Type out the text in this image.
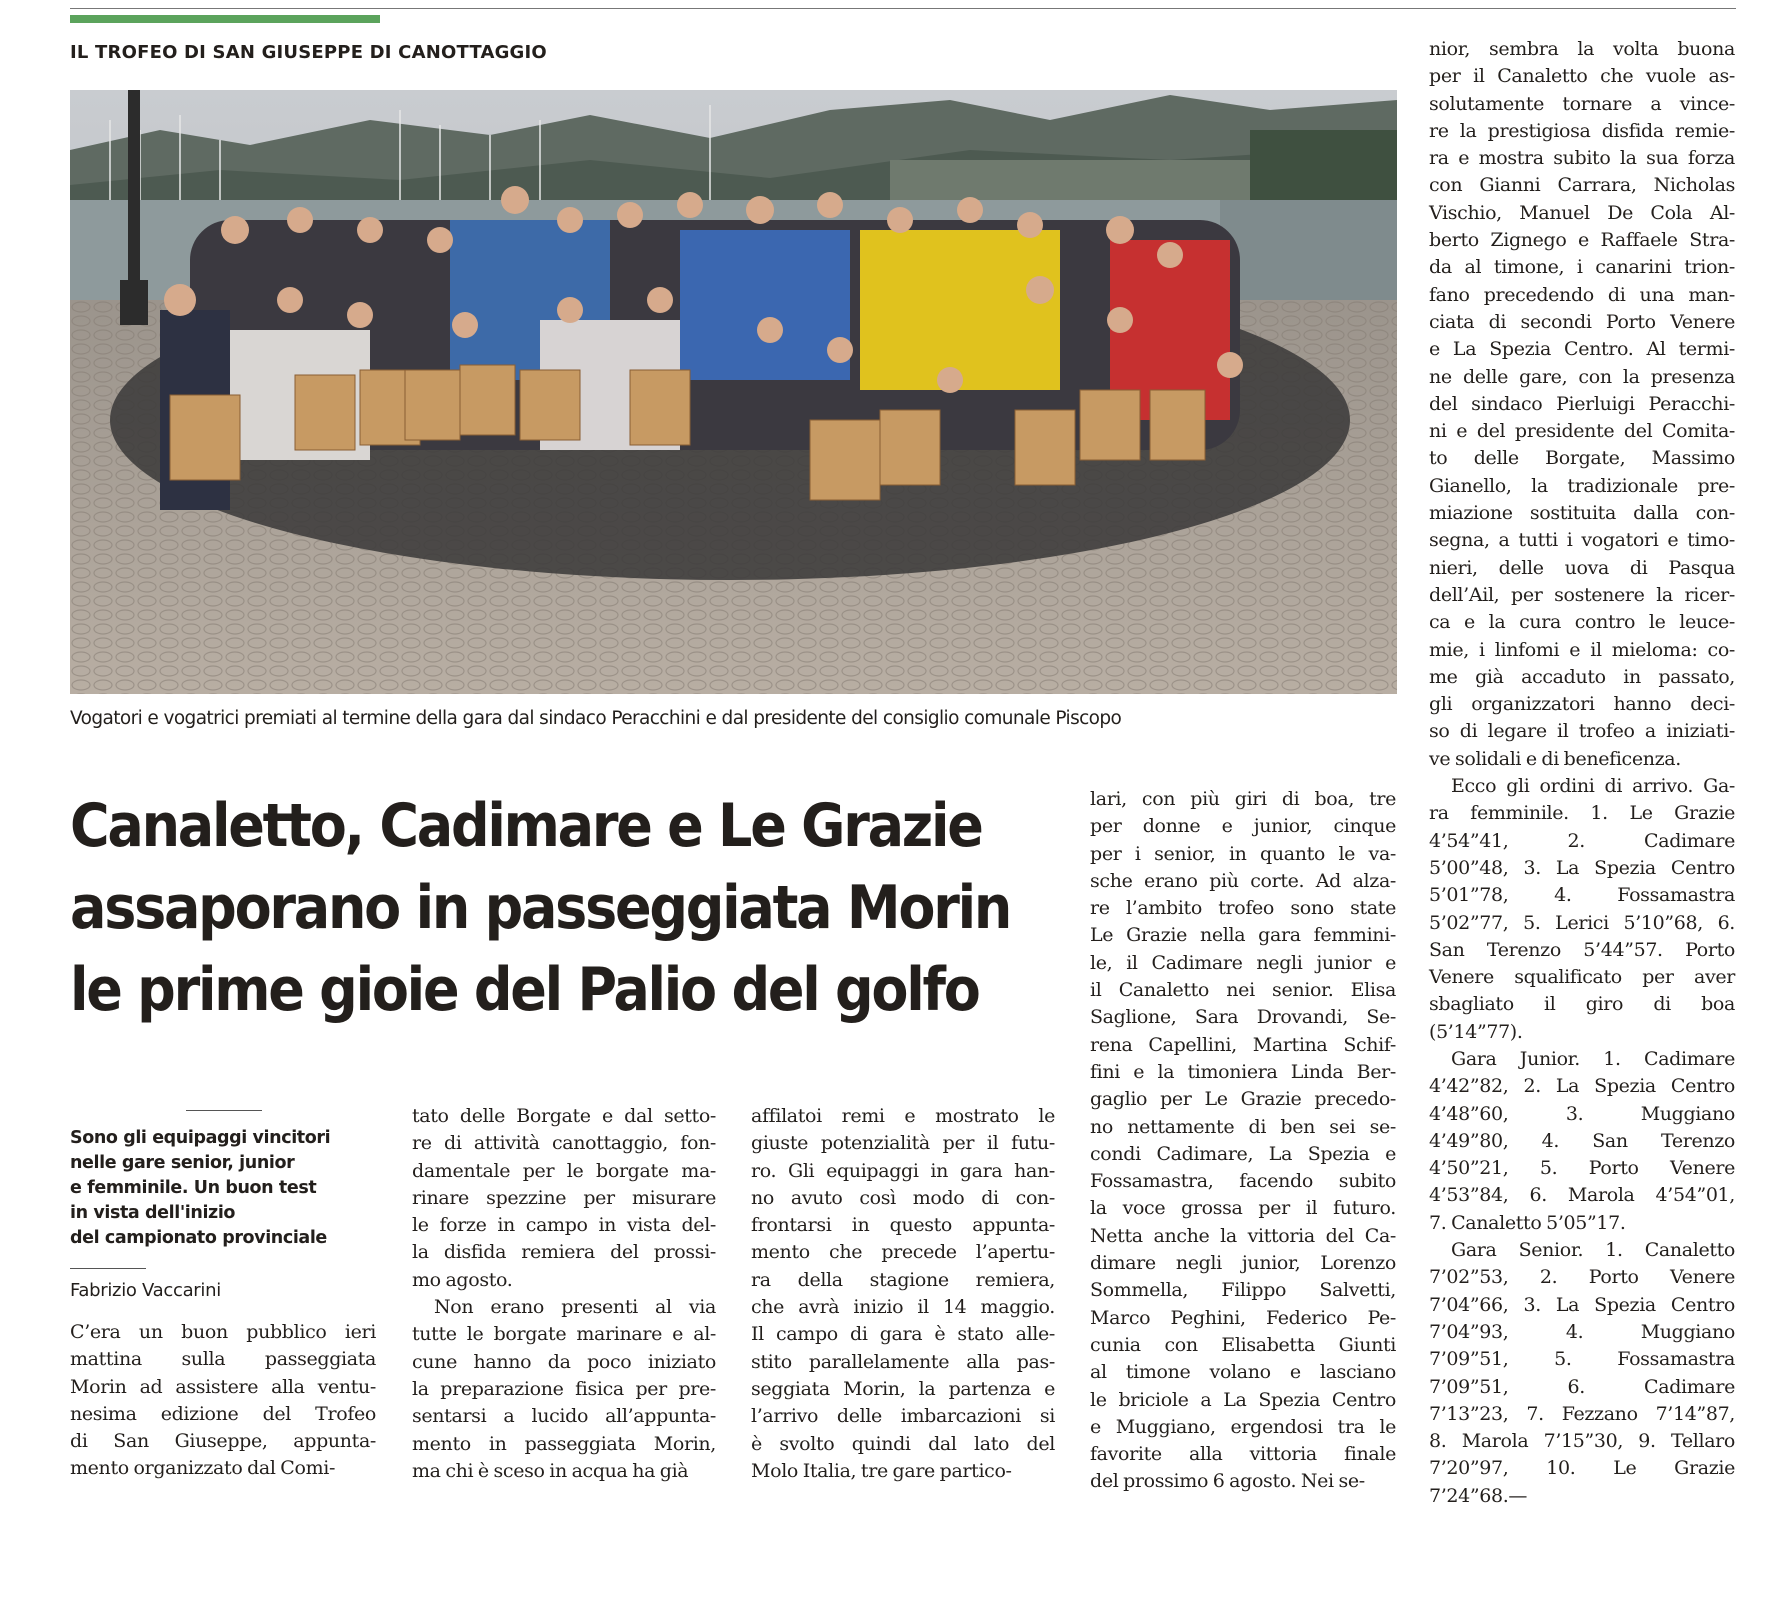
IL TROFEO DI SAN GIUSEPPE DI CANOTTAGGIO
Vogatori e vogatrici premiati al termine della gara dal sindaco Peracchini e dal presidente del consiglio comunale Piscopo
Canaletto, Cadimare e Le Grazie
assaporano in passeggiata Morin
le prime gioie del Palio del golfo
Sono gli equipaggi vincitori
nelle gare senior, junior
e femminile. Un buon test
in vista dell'inizio
del campionato provinciale
Fabrizio Vaccarini
C’era un buon pubblico ieri
mattina sulla passeggiata
Morin ad assistere alla ventu-
nesima edizione del Trofeo
di San Giuseppe, appunta-
mento organizzato dal Comi-
tato delle Borgate e dal setto-
re di attività canottaggio, fon-
damentale per le borgate ma-
rinare spezzine per misurare
le forze in campo in vista del-
la disfida remiera del prossi-
mo agosto.
Non erano presenti al via
tutte le borgate marinare e al-
cune hanno da poco iniziato
la preparazione fisica per pre-
sentarsi a lucido all’appunta-
mento in passeggiata Morin,
ma chi è sceso in acqua ha già
affilatoi remi e mostrato le
giuste potenzialità per il futu-
ro. Gli equipaggi in gara han-
no avuto così modo di con-
frontarsi in questo appunta-
mento che precede l’apertu-
ra della stagione remiera,
che avrà inizio il 14 maggio.
Il campo di gara è stato alle-
stito parallelamente alla pas-
seggiata Morin, la partenza e
l’arrivo delle imbarcazioni si
è svolto quindi dal lato del
Molo Italia, tre gare partico-
lari, con più giri di boa, tre
per donne e junior, cinque
per i senior, in quanto le va-
sche erano più corte. Ad alza-
re l’ambito trofeo sono state
Le Grazie nella gara femmini-
le, il Cadimare negli junior e
il Canaletto nei senior. Elisa
Saglione, Sara Drovandi, Se-
rena Capellini, Martina Schif-
fini e la timoniera Linda Ber-
gaglio per Le Grazie precedo-
no nettamente di ben sei se-
condi Cadimare, La Spezia e
Fossamastra, facendo subito
la voce grossa per il futuro.
Netta anche la vittoria del Ca-
dimare negli junior, Lorenzo
Sommella, Filippo Salvetti,
Marco Peghini, Federico Pe-
cunia con Elisabetta Giunti
al timone volano e lasciano
le briciole a La Spezia Centro
e Muggiano, ergendosi tra le
favorite alla vittoria finale
del prossimo 6 agosto. Nei se-
nior, sembra la volta buona
per il Canaletto che vuole as-
solutamente tornare a vince-
re la prestigiosa disfida remie-
ra e mostra subito la sua forza
con Gianni Carrara, Nicholas
Vischio, Manuel De Cola Al-
berto Zignego e Raffaele Stra-
da al timone, i canarini trion-
fano precedendo di una man-
ciata di secondi Porto Venere
e La Spezia Centro. Al termi-
ne delle gare, con la presenza
del sindaco Pierluigi Peracchi-
ni e del presidente del Comita-
to delle Borgate, Massimo
Gianello, la tradizionale pre-
miazione sostituita dalla con-
segna, a tutti i vogatori e timo-
nieri, delle uova di Pasqua
dell’Ail, per sostenere la ricer-
ca e la cura contro le leuce-
mie, i linfomi e il mieloma: co-
me già accaduto in passato,
gli organizzatori hanno deci-
so di legare il trofeo a iniziati-
ve solidali e di beneficenza.
Ecco gli ordini di arrivo. Ga-
ra femminile. 1. Le Grazie
4’54”41, 2. Cadimare
5’00”48, 3. La Spezia Centro
5’01”78, 4. Fossamastra
5’02”77, 5. Lerici 5’10”68, 6.
San Terenzo 5’44”57. Porto
Venere squalificato per aver
sbagliato il giro di boa
(5’14”77).
Gara Junior. 1. Cadimare
4’42”82, 2. La Spezia Centro
4’48”60, 3. Muggiano
4’49”80, 4. San Terenzo
4’50”21, 5. Porto Venere
4’53”84, 6. Marola 4’54”01,
7. Canaletto 5’05”17.
Gara Senior. 1. Canaletto
7’02”53, 2. Porto Venere
7’04”66, 3. La Spezia Centro
7’04”93, 4. Muggiano
7’09”51, 5. Fossamastra
7’09”51, 6. Cadimare
7’13”23, 7. Fezzano 7’14”87,
8. Marola 7’15”30, 9. Tellaro
7’20”97, 10. Le Grazie
7’24”68.—
